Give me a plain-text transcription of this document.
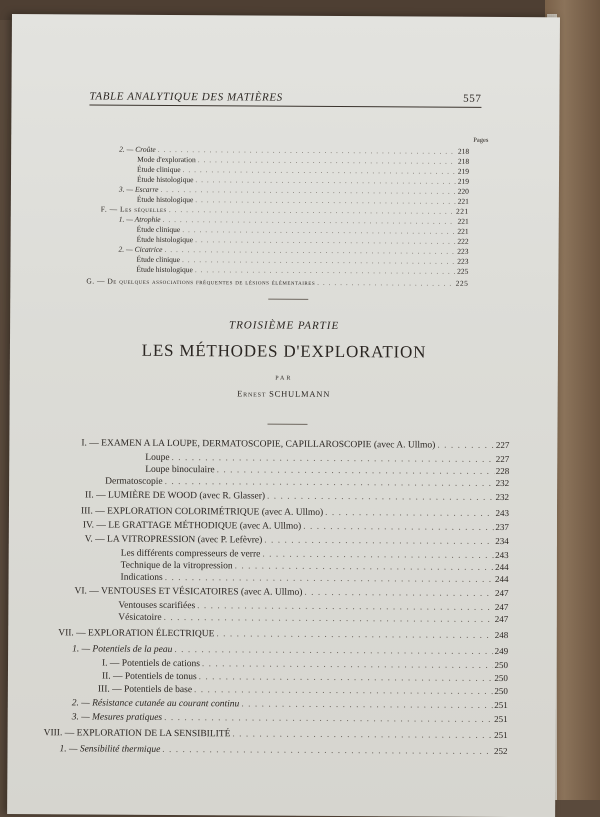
TABLE ANALYTIQUE DES MATIÈRES	557
Pages
2. — Croûte . . .	218
Mode d'exploration . . .	218
Étude clinique . . .	219
Étude histologique . . .	219
3. — Escarre . . .	220
Étude histologique . . .	221
F. — Les séquelles . . .	221
1. — Atrophie . . .	221
Étude clinique . . .	221
Étude histologique . . .	222
2. — Cicatrice . . .	223
Étude clinique . . .	223
Étude histologique . . .	225
G. — De quelques associations fréquentes de lésions élémentaires . . .	225
TROISIÈME PARTIE
LES MÉTHODES D'EXPLORATION
PAR
Ernest SCHULMANN
I. — EXAMEN A LA LOUPE, DERMATOSCOPIE, CAPILLAROSCOPIE (avec A. Ullmo) . . .	227
Loupe . . .	227
Loupe binoculaire . . .	228
Dermatoscopie . . .	232
II. — LUMIÈRE DE WOOD (avec R. Glasser) . . .	232
III. — EXPLORATION COLORIMÉTRIQUE (avec A. Ullmo) . . .	243
IV. — LE GRATTAGE MÉTHODIQUE (avec A. Ullmo) . . .	237
V. — LA VITROPRESSION (avec P. Lefèvre) . . .	234
Les différents compresseurs de verre . . .	243
Technique de la vitropression . . .	244
Indications . . .	244
VI. — VENTOUSES ET VÉSICATOIRES (avec A. Ullmo) . . .	247
Ventouses scarifiées . . .	247
Vésicatoire . . .	247
VII. — EXPLORATION ÉLECTRIQUE . . .	248
1. — Potentiels de la peau . . .	249
I. — Potentiels de cations . . .	250
II. — Potentiels de tonus . . .	250
III. — Potentiels de base . . .	250
2. — Résistance cutanée au courant continu . . .	251
3. — Mesures pratiques . . .	251
VIII. — EXPLORATION DE LA SENSIBILITÉ . . .	251
1. — Sensibilité thermique . . .	252
